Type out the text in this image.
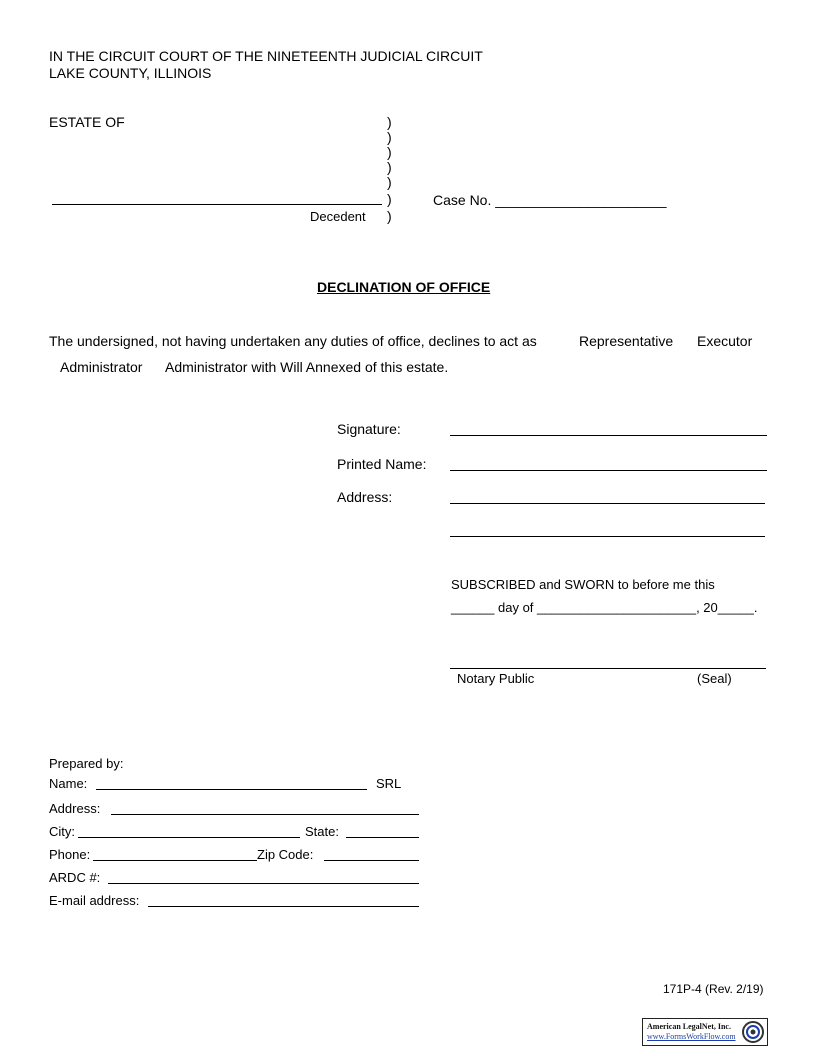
IN THE CIRCUIT COURT OF THE NINETEENTH JUDICIAL CIRCUIT
LAKE COUNTY, ILLINOIS
ESTATE OF	)
)
)
)
)
)
)
Decedent
Case No. ______________________
DECLINATION OF OFFICE
The undersigned, not having undertaken any duties of office, declines to act as	Representative Executor
Administrator Administrator with Will Annexed of this estate.
Signature:
Printed Name:
Address:
SUBSCRIBED and SWORN to before me this
______ day of ______________________, 20_____.
Notary Public	(Seal)
Prepared by:
Name:	SRL
Address:
City:	State:
Phone:	Zip Code:
ARDC #:
E-mail address:
171P-4 (Rev. 2/19)
American LegalNet, Inc.
www.FormsWorkFlow.com
